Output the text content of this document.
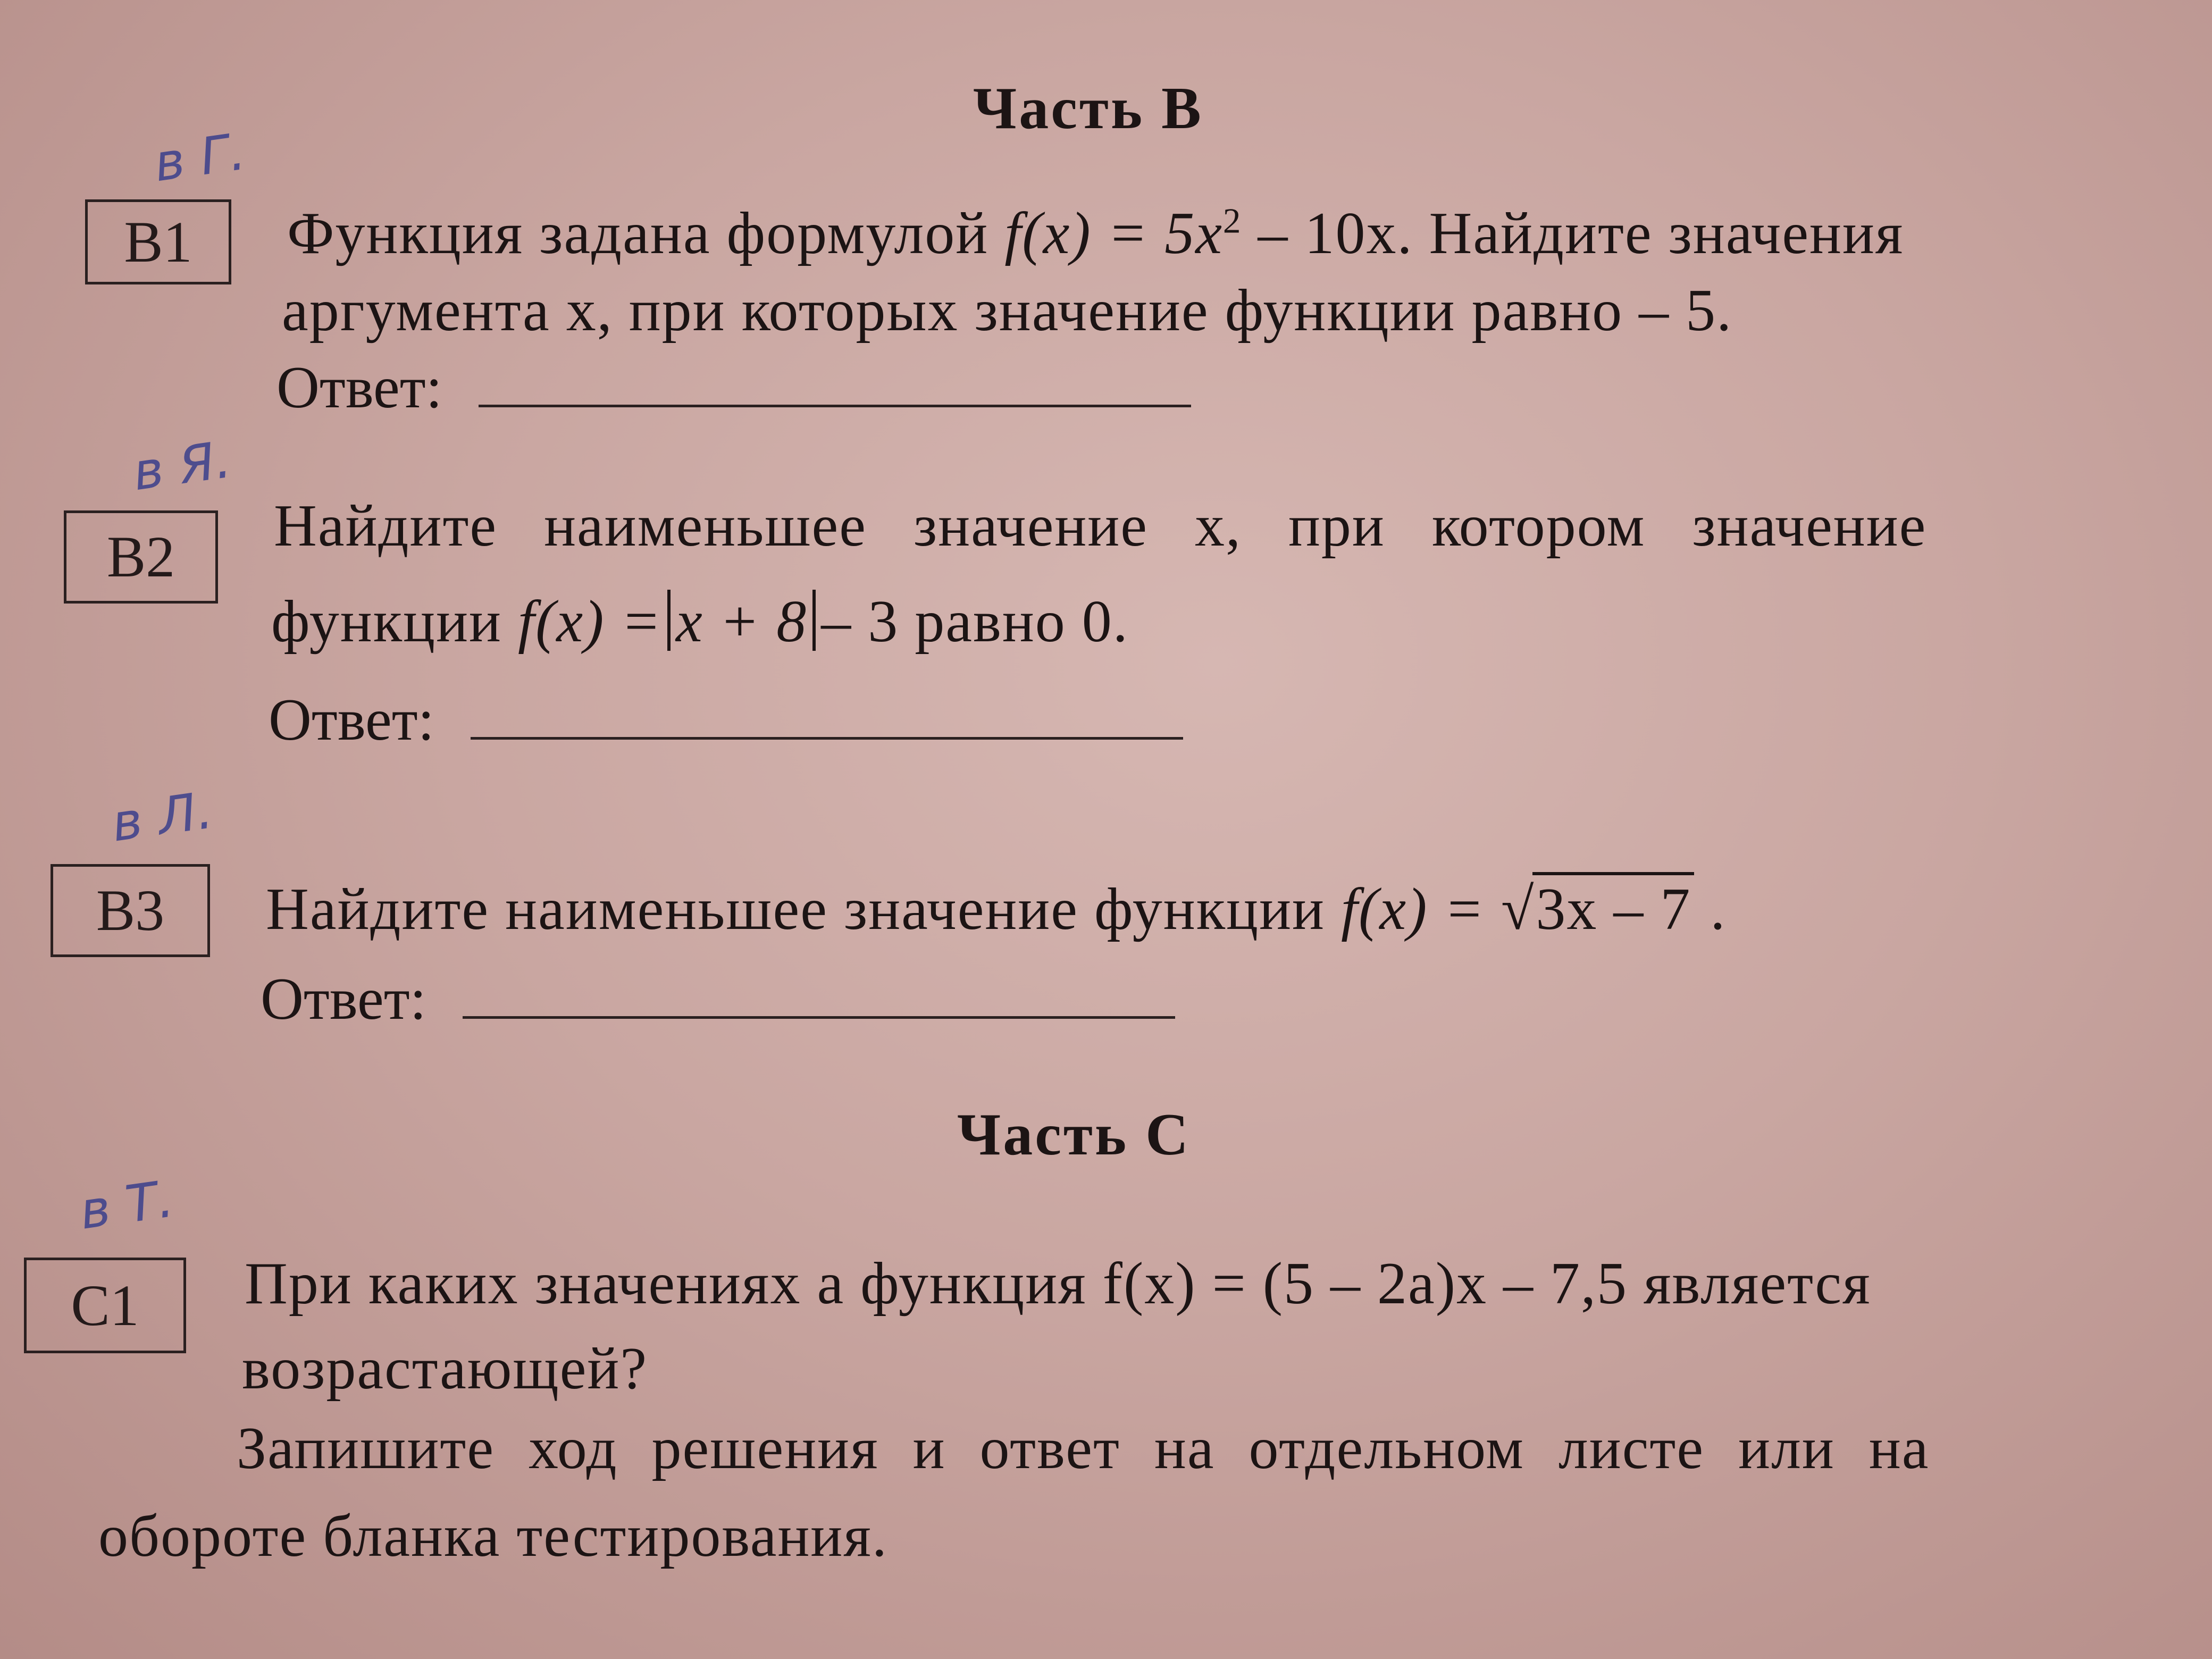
Часть B
в Г.
B1	Функция задана формулой $f(x) = 5x^2 - 10x$. Найдите значения
аргумента x, при которых значение функции равно – 5.
Ответ:
в Я.
B2	Найдите наименьшее значение x, при котором значение
функции f(x) = x + 8 – 3 равно 0.
Ответ:
в Л.
B3	Найдите наименьшее значение функции f(x) = √3x – 7 .
Ответ:
Часть C
в Т.
C1	При каких значениях a функция f(x) = (5 – 2a)x – 7,5 является
возрастающей?
Запишите ход решения и ответ на отдельном листе или на
обороте бланка тестирования.
